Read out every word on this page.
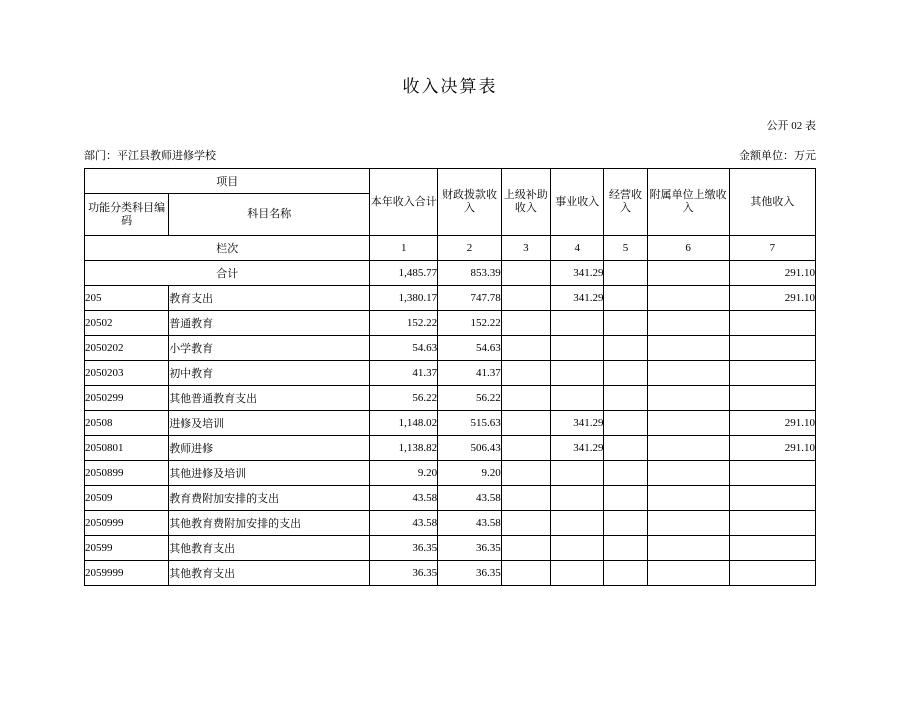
收入决算表
公开 02 表
部门：平江县教师进修学校	金额单位：万元
项目		本年收入合计	财政拨款收入	上级补助收入	事业收入	经营收入	附属单位上缴收入	其他收入
功能分类科目编码	科目名称							
栏次		1	2	3	4	5	6	7
合计		1,485.77	853.39		341.29			291.10
205	教育支出	1,380.17	747.78		341.29			291.10
20502	普通教育	152.22	152.22					
2050202	小学教育	54.63	54.63					
2050203	初中教育	41.37	41.37					
2050299	其他普通教育支出	56.22	56.22					
20508	进修及培训	1,148.02	515.63		341.29			291.10
2050801	教师进修	1,138.82	506.43		341.29			291.10
2050899	其他进修及培训	9.20	9.20					
20509	教育费附加安排的支出	43.58	43.58					
2050999	其他教育费附加安排的支出	43.58	43.58					
20599	其他教育支出	36.35	36.35					
2059999	其他教育支出	36.35	36.35					
